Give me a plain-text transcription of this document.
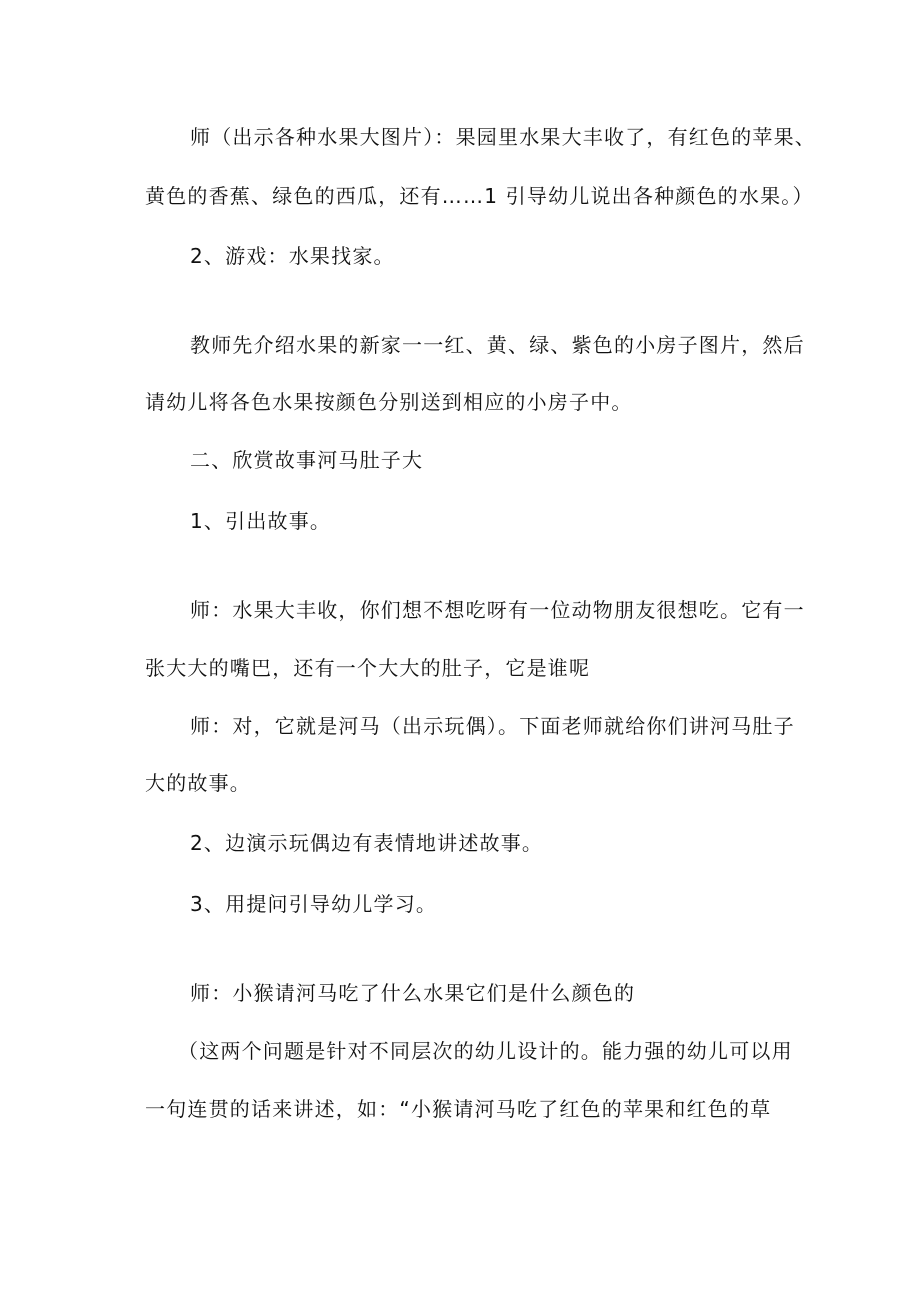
师（出示各种水果大图片）：果园里水果大丰收了，有红色的苹果、
黄色的香蕉、绿色的西瓜，还有……1 引导幼儿说出各种颜色的水果。）
2、游戏：水果找家。
教师先介绍水果的新家一一红、黄、绿、紫色的小房子图片，然后
请幼儿将各色水果按颜色分别送到相应的小房子中。
二、欣赏故事河马肚子大
1、引出故事。
师：水果大丰收，你们想不想吃呀有一位动物朋友很想吃。它有一
张大大的嘴巴，还有一个大大的肚子，它是谁呢
师：对，它就是河马（出示玩偶）。下面老师就给你们讲河马肚子
大的故事。
2、边演示玩偶边有表情地讲述故事。
3、用提问引导幼儿学习。
师：小猴请河马吃了什么水果它们是什么颜色的
（这两个问题是针对不同层次的幼儿设计的。能力强的幼儿可以用
一句连贯的话来讲述，如：“小猴请河马吃了红色的苹果和红色的草
